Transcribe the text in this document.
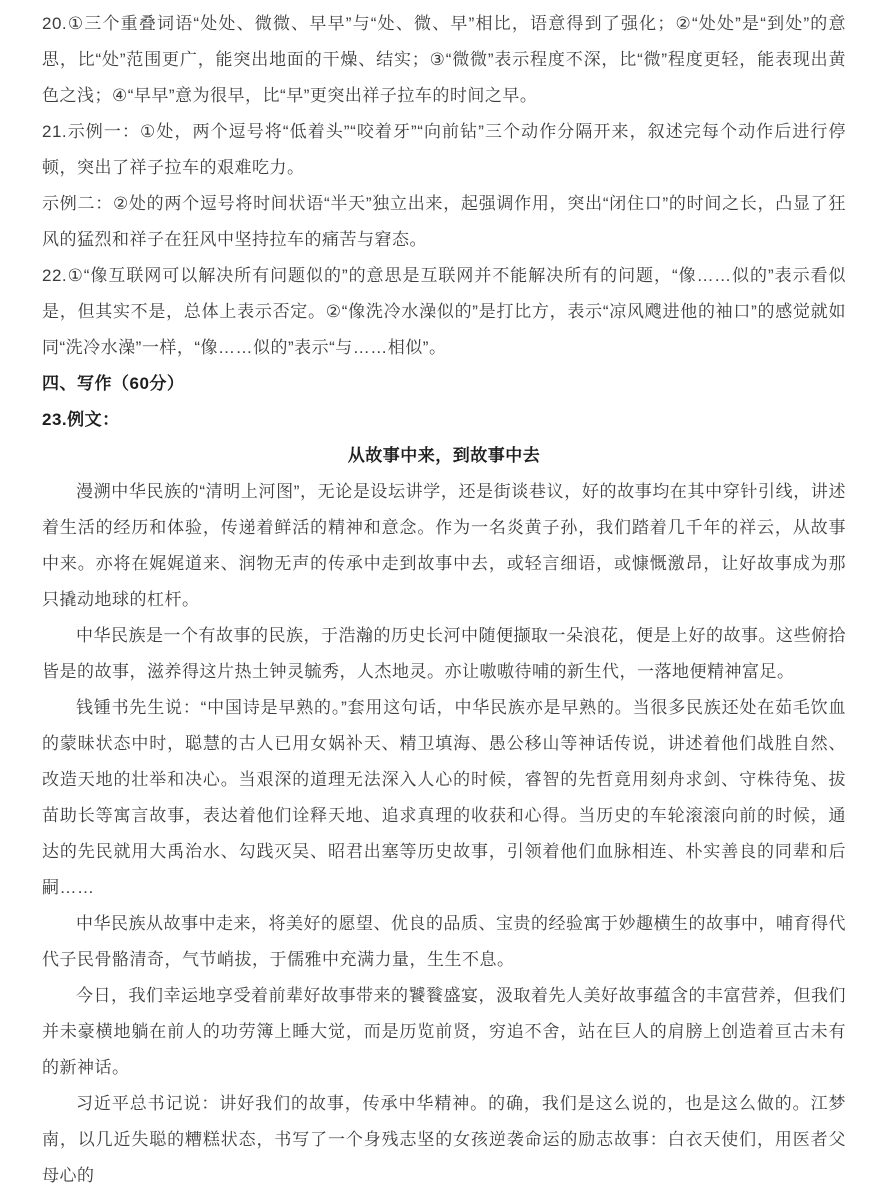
20.①三个重叠词语“处处、微微、早早”与“处、微、早”相比，语意得到了强化；②“处处”是“到处”的意思，比“处”范围更广，能突出地面的干燥、结实；③“微微”表示程度不深，比“微”程度更轻，能表现出黄色之浅；④“早早”意为很早，比“早”更突出祥子拉车的时间之早。

21.示例一：①处，两个逗号将“低着头”“咬着牙”“向前钻”三个动作分隔开来，叙述完每个动作后进行停顿，突出了祥子拉车的艰难吃力。

示例二：②处的两个逗号将时间状语“半天”独立出来，起强调作用，突出“闭住口”的时间之长，凸显了狂风的猛烈和祥子在狂风中坚持拉车的痛苦与窘态。

22.①“像互联网可以解决所有问题似的”的意思是互联网并不能解决所有的问题，“像……似的”表示看似是，但其实不是，总体上表示否定。②“像洗冷水澡似的”是打比方，表示“凉风飕进他的袖口”的感觉就如同“洗冷水澡”一样，“像……似的”表示“与……相似”。

四、写作（60分）

23.例文：

从故事中来，到故事中去

漫溯中华民族的“清明上河图”，无论是设坛讲学，还是街谈巷议，好的故事均在其中穿针引线，讲述着生活的经历和体验，传递着鲜活的精神和意念。作为一名炎黄子孙，我们踏着几千年的祥云，从故事中来。亦将在娓娓道来、润物无声的传承中走到故事中去，或轻言细语，或慷慨激昂，让好故事成为那只撬动地球的杠杆。

中华民族是一个有故事的民族，于浩瀚的历史长河中随便撷取一朵浪花，便是上好的故事。这些俯拾皆是的故事，滋养得这片热土钟灵毓秀，人杰地灵。亦让嗷嗷待哺的新生代，一落地便精神富足。

钱锺书先生说：“中国诗是早熟的。”套用这句话，中华民族亦是早熟的。当很多民族还处在茹毛饮血的蒙昧状态中时，聪慧的古人已用女娲补天、精卫填海、愚公移山等神话传说，讲述着他们战胜自然、改造天地的壮举和决心。当艰深的道理无法深入人心的时候，睿智的先哲竟用刻舟求剑、守株待兔、拔苗助长等寓言故事，表达着他们诠释天地、追求真理的收获和心得。当历史的车轮滚滚向前的时候，通达的先民就用大禹治水、勾践灭吴、昭君出塞等历史故事，引领着他们血脉相连、朴实善良的同辈和后嗣……

中华民族从故事中走来，将美好的愿望、优良的品质、宝贵的经验寓于妙趣横生的故事中，哺育得代代子民骨骼清奇，气节峭拔，于儒雅中充满力量，生生不息。

今日，我们幸运地享受着前辈好故事带来的饕餮盛宴，汲取着先人美好故事蕴含的丰富营养，但我们并未豪横地躺在前人的功劳簿上睡大觉，而是历览前贤，穷追不舍，站在巨人的肩膀上创造着亘古未有的新神话。

习近平总书记说：讲好我们的故事，传承中华精神。的确，我们是这么说的，也是这么做的。江梦南，以几近失聪的糟糕状态，书写了一个身残志坚的女孩逆袭命运的励志故事：白衣天使们，用医者父母心的
